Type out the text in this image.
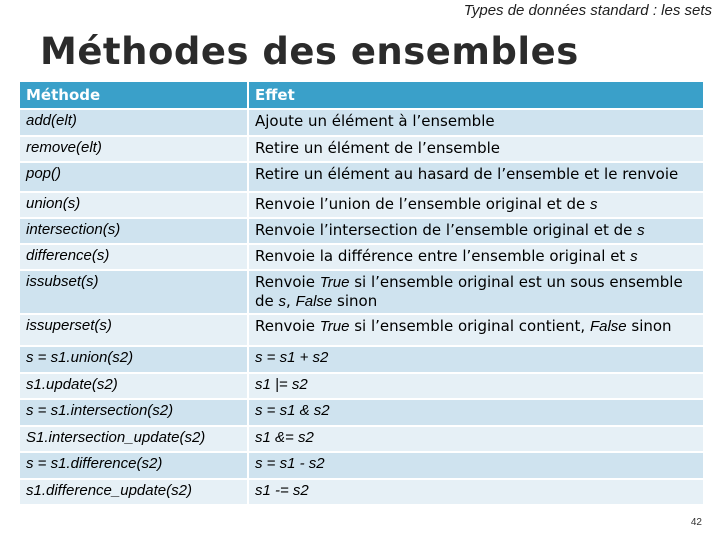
Types de données standard : les sets
Méthodes des ensembles
Méthode	Effet
add(elt)	Ajoute un élément à l’ensemble
remove(elt)	Retire un élément de l’ensemble
pop()	Retire un élément au hasard de l’ensemble et le renvoie
union(s)	Renvoie l’union de l’ensemble original et de s
intersection(s)	Renvoie l’intersection de l’ensemble original et de s
difference(s)	Renvoie la différence entre l’ensemble original et s
issubset(s)	Renvoie True si l’ensemble original est un sous ensemble de s, False sinon
issuperset(s)	Renvoie True si l’ensemble original contient, False sinon
s = s1.union(s2)	s = s1 + s2
s1.update(s2)	s1 |= s2
s = s1.intersection(s2)	s = s1 & s2
S1.intersection_update(s2)	s1 &= s2
s = s1.difference(s2)	s = s1 - s2
s1.difference_update(s2)	s1 -= s2
42
